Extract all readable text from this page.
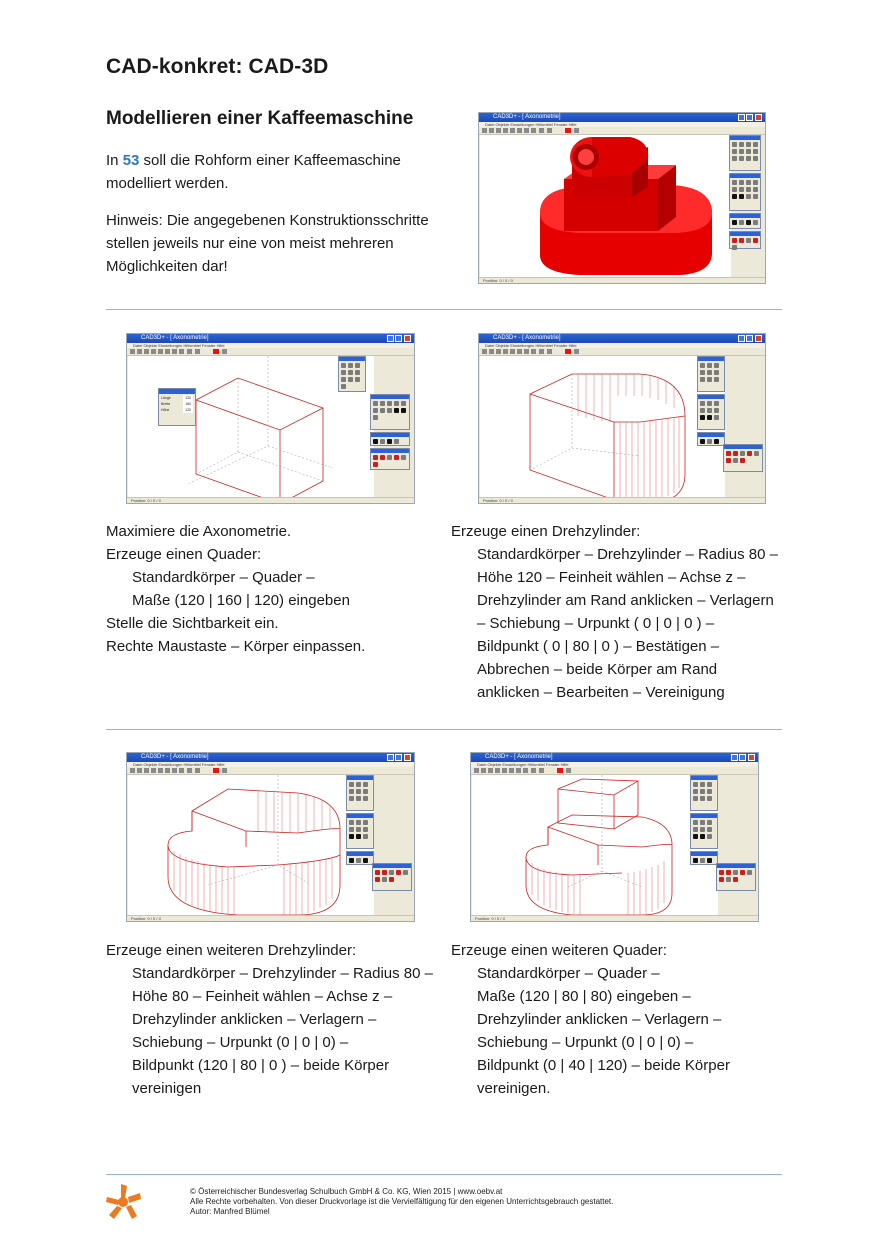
CAD-konkret: CAD-3D
Modellieren einer Kaffeemaschine

In 53 soll die Rohform einer Kaffeemaschine modelliert werden.

Hinweis: Die angegebenen Konstruktionsschritte stellen jeweils nur eine von meist mehreren Möglichkeiten dar!

CAD3D+ - [ Axonometrie]
Datei Objekte Einstellungen Hilfsmittel Fenster Hilfe
Position: 0 / 0 / 0
CAD3D+ - [ Axonometrie]
Datei Objekte Einstellungen Hilfsmittel Fenster Hilfe
Länge	120
Breite	160
Höhe	120
Position: 0 / 0 / 0
CAD3D+ - [ Axonometrie]
Datei Objekte Einstellungen Hilfsmittel Fenster Hilfe
Position: 0 / 0 / 0
Maximiere die Axonometrie.
Erzeuge einen Quader:
Standardkörper – Quader –
Maße (120 | 160 | 120) eingeben
Stelle die Sichtbarkeit ein.
Rechte Maustaste – Körper einpassen.
Erzeuge einen Drehzylinder:
Standardkörper – Drehzylinder – Radius 80 –
Höhe 120 – Feinheit wählen – Achse z –
Drehzylinder am Rand anklicken – Verlagern
– Schiebung – Urpunkt ( 0 | 0 | 0 ) –
Bildpunkt ( 0 | 80 | 0 ) – Bestätigen –
Abbrechen – beide Körper am Rand
anklicken – Bearbeiten – Vereinigung
CAD3D+ - [ Axonometrie]
Datei Objekte Einstellungen Hilfsmittel Fenster Hilfe
Position: 0 / 0 / 0
CAD3D+ - [ Axonometrie]
Datei Objekte Einstellungen Hilfsmittel Fenster Hilfe
Position: 0 / 0 / 0
Erzeuge einen weiteren Drehzylinder:
Standardkörper – Drehzylinder – Radius 80 –
Höhe 80 – Feinheit wählen – Achse z –
Drehzylinder anklicken – Verlagern –
Schiebung – Urpunkt (0 | 0 | 0) –
Bildpunkt (120 | 80 | 0 ) – beide Körper
vereinigen
Erzeuge einen weiteren Quader:
Standardkörper – Quader –
Maße (120 | 80 | 80) eingeben –
Drehzylinder anklicken – Verlagern –
Schiebung – Urpunkt (0 | 0 | 0) –
Bildpunkt (0 | 40 | 120) – beide Körper
vereinigen.
© Österreichischer Bundesverlag Schulbuch GmbH & Co. KG, Wien 2015 | www.oebv.at
Alle Rechte vorbehalten. Von dieser Druckvorlage ist die Vervielfältigung für den eigenen Unterrichtsgebrauch gestattet.
Autor: Manfred Blümel
